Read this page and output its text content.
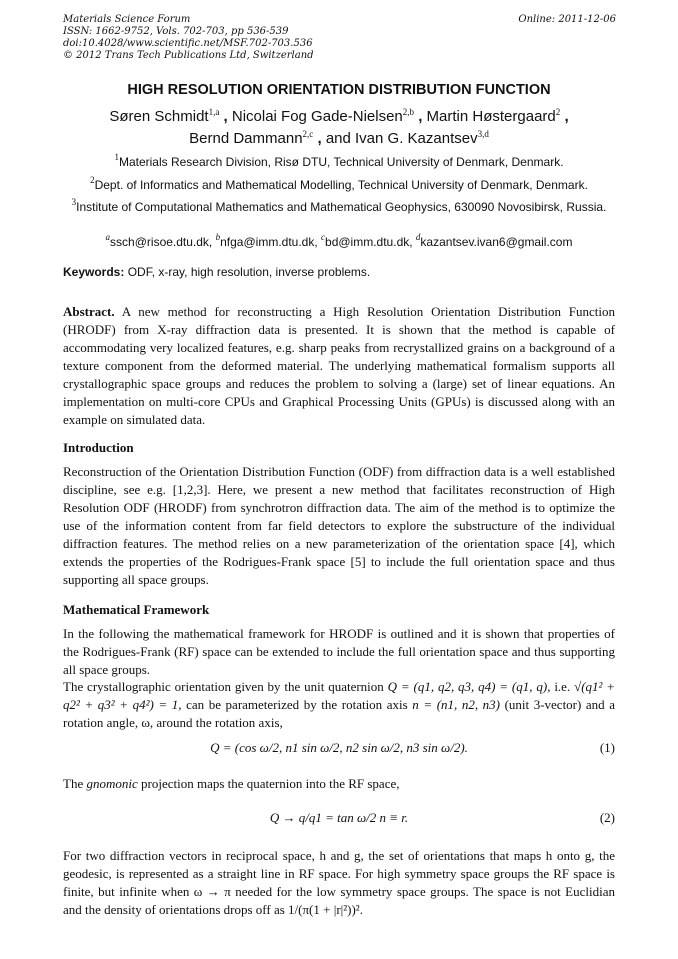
Materials Science Forum
ISSN: 1662-9752, Vols. 702-703, pp 536-539
doi:10.4028/www.scientific.net/MSF.702-703.536
© 2012 Trans Tech Publications Ltd, Switzerland
Online: 2011-12-06
HIGH RESOLUTION ORIENTATION DISTRIBUTION FUNCTION
Søren Schmidt$^{1,a}$ , Nicolai Fog Gade-Nielsen$^{2,b}$ , Martin Høstergaard$^2$ ,
Bernd Dammann$^{2,c}$ , and Ivan G. Kazantsev$^{3,d}$
$^1$Materials Research Division, Risø DTU, Technical University of Denmark, Denmark.
$^2$Dept. of Informatics and Mathematical Modelling, Technical University of Denmark, Denmark.
$^3$Institute of Computational Mathematics and Mathematical Geophysics, 630090 Novosibirsk, Russia.
$^a$ssch@risoe.dtu.dk, $^b$nfga@imm.dtu.dk, $^c$bd@imm.dtu.dk, $^d$kazantsev.ivan6@gmail.com
Keywords: ODF, x-ray, high resolution, inverse problems.
Abstract. A new method for reconstructing a High Resolution Orientation Distribution Function (HRODF) from X-ray diffraction data is presented. It is shown that the method is capable of accommodating very localized features, e.g. sharp peaks from recrystallized grains on a background of a texture component from the deformed material. The underlying mathematical formalism supports all crystallographic space groups and reduces the problem to solving a (large) set of linear equations. An implementation on multi-core CPUs and Graphical Processing Units (GPUs) is discussed along with an example on simulated data.
Introduction
Reconstruction of the Orientation Distribution Function (ODF) from diffraction data is a well established discipline, see e.g. [1,2,3]. Here, we present a new method that facilitates reconstruction of High Resolution ODF (HRODF) from synchrotron diffraction data. The aim of the method is to optimize the use of the information content from far field detectors to explore the substructure of the individual diffraction features. The method relies on a new parameterization of the orientation space [4], which extends the properties of the Rodrigues-Frank space [5] to include the full orientation space and thus supporting all space groups.
Mathematical Framework
In the following the mathematical framework for HRODF is outlined and it is shown that properties of the Rodrigues-Frank (RF) space can be extended to include the full orientation space and thus supporting all space groups.
The crystallographic orientation given by the unit quaternion Q = (q1, q2, q3, q4) = (q1, q), i.e. √(q1² + q2² + q3² + q4²) = 1, can be parameterized by the rotation axis n = (n1, n2, n3) (unit 3-vector) and a rotation angle, ω, around the rotation axis,
Q = (cos ω/2, n1 sin ω/2, n2 sin ω/2, n3 sin ω/2).	(1)
The gnomonic projection maps the quaternion into the RF space,
Q → q/q1 = tan ω/2 n ≡ r.	(2)
For two diffraction vectors in reciprocal space, h and g, the set of orientations that maps h onto g, the geodesic, is represented as a straight line in RF space. For high symmetry space groups the RF space is finite, but infinite when ω → π needed for the low symmetry space groups. The space is not Euclidian and the density of orientations drops off as 1/(π(1 + |r|²))².
